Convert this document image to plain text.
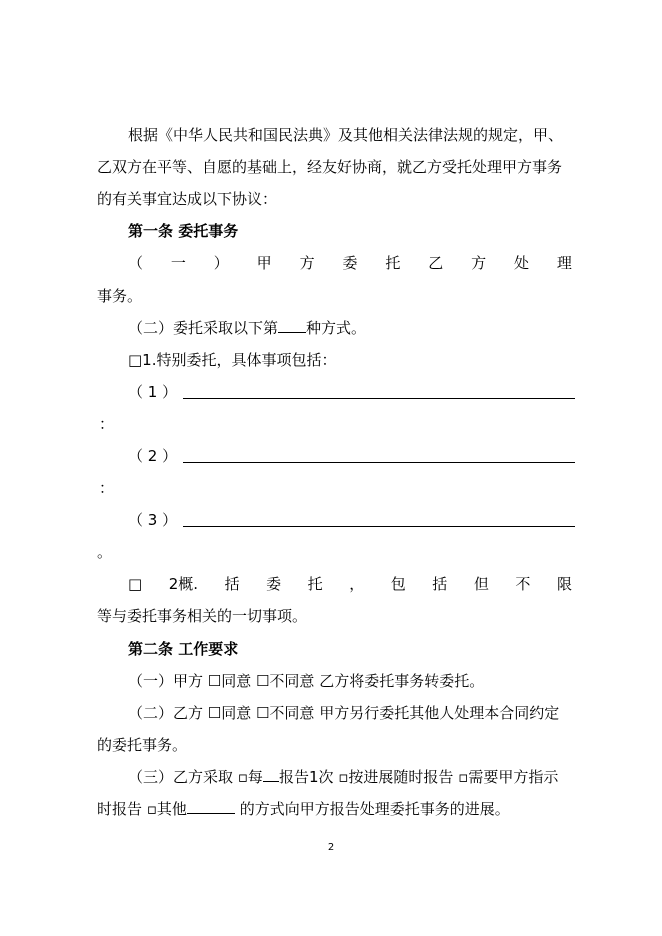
根据《中华人民共和国民法典》及其他相关法律法规的规定，甲、
乙双方在平等、自愿的基础上，经友好协商，就乙方受托处理甲方事务
的有关事宜达成以下协议：
第一条 委托事务
（ 一 ） 甲 方 委 托 乙 方 处 理
事务。
（二）委托采取以下第 种方式。
□1.特别委托，具体事项包括：
（ 1 ）
：
（ 2 ）
：
（ 3 ）
。
□ 2概. 括 委 托 ， 包 括 但 不 限
等与委托事务相关的一切事项。
第二条 工作要求
（一）甲方 ☐同意 ☐不同意 乙方将委托事务转委托。
（二）乙方 ☐同意 ☐不同意 甲方另行委托其他人处理本合同约定
的委托事务。
（三）乙方采取 ▫每 报告1次 ▫按进展随时报告 ▫需要甲方指示
时报告 ▫其他	的方式向甲方报告处理委托事务的进展。
2
